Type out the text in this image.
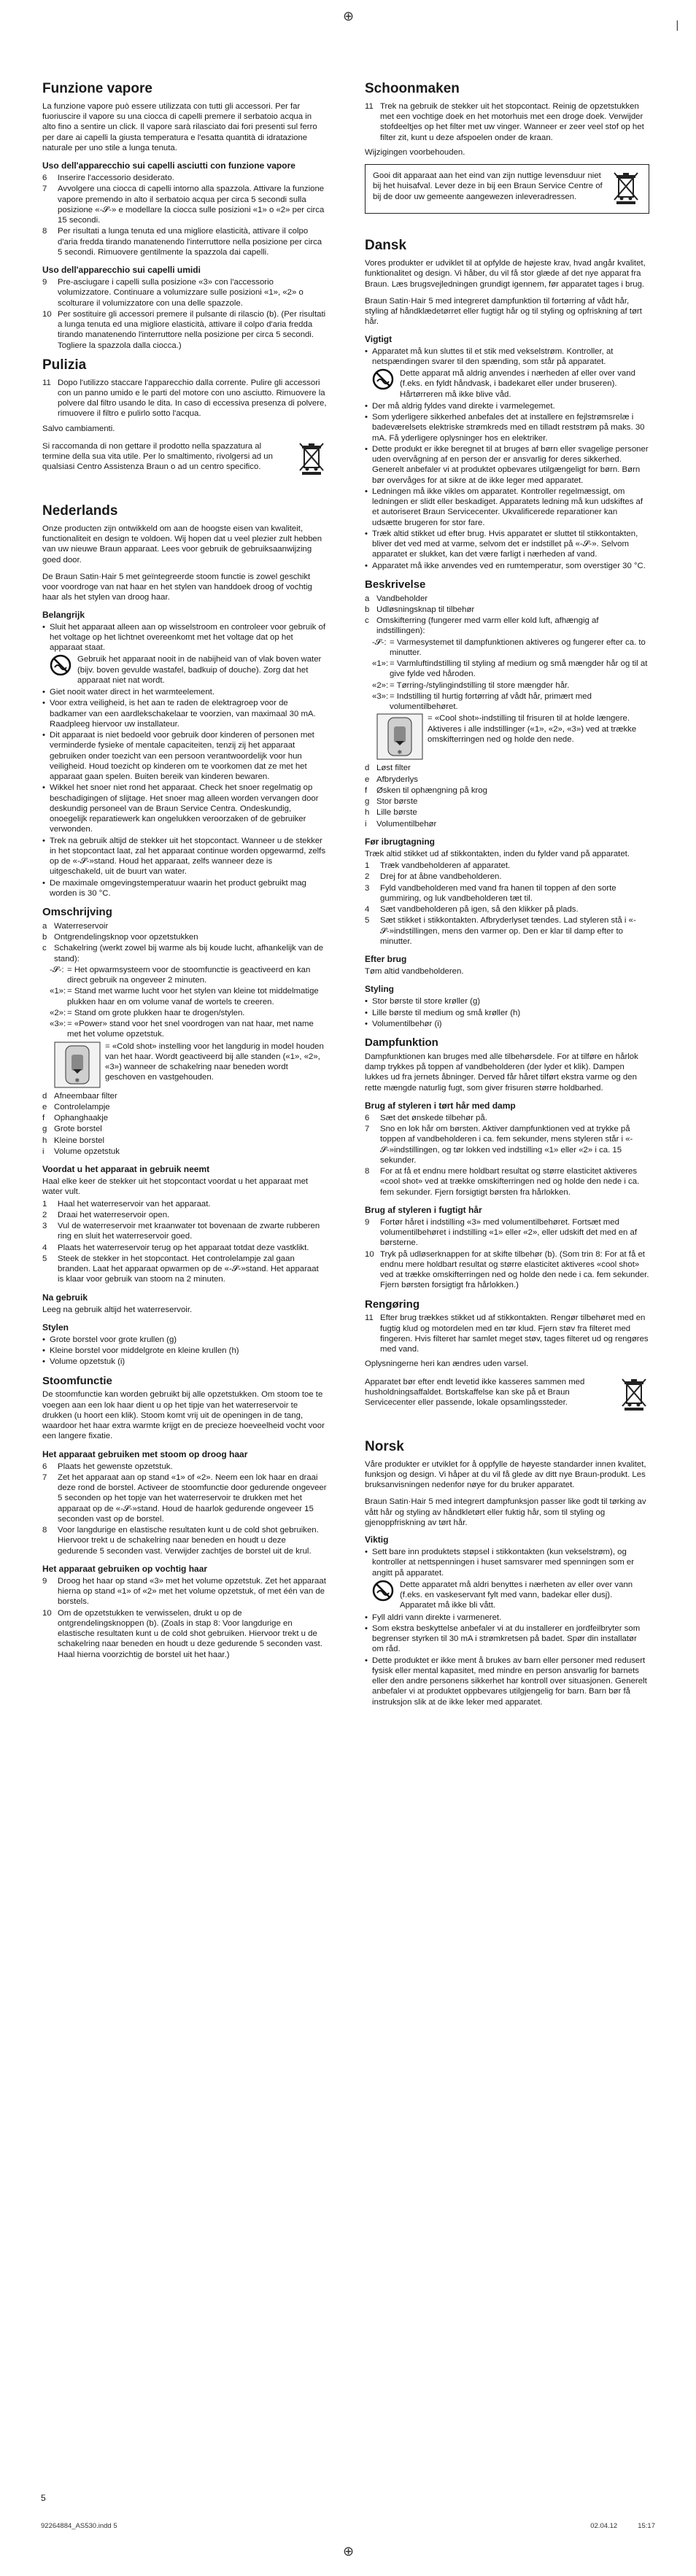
⊕
|
Funzione vapore

La funzione vapore può essere utilizzata con tutti gli accessori. Per far fuoriuscire il vapore su una ciocca di capelli premere il serbatoio acqua in alto fino a sentire un click. Il vapore sarà rilasciato dai fori presenti sul ferro per dare ai capelli la giusta temperatura e l'esatta quantità di idratazione naturale per uno stile a lunga tenuta.

Uso dell'apparecchio sui capelli asciutti con funzione vapore
6 Inserire l'accessorio desiderato.
7 Avvolgere una ciocca di capelli intorno alla spazzola. Attivare la funzione vapore premendo in alto il serbatoio acqua per circa 5 secondi sulla posizione «-𝓢-» e modellare la ciocca sulle posizioni «1» o «2» per circa 15 secondi.
8 Per risultati a lunga tenuta ed una migliore elasticità, attivare il colpo d'aria fredda tirando manatenendo l'interruttore nella posizione per circa 5 secondi. Rimuovere gentilmente la spazzola dai capelli.
Uso dell'apparecchio sui capelli umidi
9 Pre-asciugare i capelli sulla posizione «3» con l'accessorio volumizzatore. Continuare a volumizzare sulle posizioni «1», «2» o scolturare il volumizzatore con una delle spazzole.
10 Per sostituire gli accessori premere il pulsante di rilascio (b). (Per risultati a lunga tenuta ed una migliore elasticità, attivare il colpo d'aria fredda tirando manatenendo l'interruttore nella posizione per circa 5 secondi. Togliere la spazzola dalla ciocca.)
Pulizia
11 Dopo l'utilizzo staccare l'apparecchio dalla corrente. Pulire gli accessori con un panno umido e le parti del motore con uno asciutto. Rimuovere la polvere dal filtro usando le dita. In caso di eccessiva presenza di polvere, rimuovere il filtro e pulirlo sotto l'acqua.

Salvo cambiamenti.

Si raccomanda di non gettare il prodotto nella spazzatura al termine della sua vita utile. Per lo smaltimento, rivolgersi ad un qualsiasi Centro Assistenza Braun o ad un centro specifico.
Nederlands

Onze producten zijn ontwikkeld om aan de hoogste eisen van kwaliteit, functionaliteit en design te voldoen. Wij hopen dat u veel plezier zult hebben van uw nieuwe Braun apparaat. Lees voor gebruik de gebruiksaanwijzing goed door.

De Braun Satin·Hair 5 met geïntegreerde stoom functie is zowel geschikt voor voordroge van nat haar en het stylen van handdoek droog of vochtig haar als het stylen van droog haar.

Belangrijk
• Sluit het apparaat alleen aan op wisselstroom en controleer voor gebruik of het voltage op het lichtnet overeenkomt met het voltage dat op het apparaat staat.
Gebruik het apparaat nooit in de nabijheid van of vlak boven water (bijv. boven gevulde wastafel, badkuip of douche). Zorg dat het apparaat niet nat wordt.
• Giet nooit water direct in het warmteelement.
• Voor extra veiligheid, is het aan te raden de elektragroep voor de badkamer van een aardlekschakelaar te voorzien, van maximaal 30 mA. Raadpleeg hiervoor uw installateur.
• Dit apparaat is niet bedoeld voor gebruik door kinderen of personen met verminderde fysieke of mentale capaciteiten, tenzij zij het apparaat gebruiken onder toezicht van een persoon verantwoordelijk voor hun veiligheid. Houd toezicht op kinderen om te voorkomen dat ze met het apparaat gaan spelen. Buiten bereik van kinderen bewaren.
• Wikkel het snoer niet rond het apparaat. Check het snoer regelmatig op beschadigingen of slijtage. Het snoer mag alleen worden vervangen door deskundig personeel van de Braun Service Centra. Ondeskundig, onoegelijk reparatiewerk kan ongelukken veroorzaken of de gebruiker verwonden.
• Trek na gebruik altijd de stekker uit het stopcontact. Wanneer u de stekker in het stopcontact laat, zal het apparaat continue worden opgewarmd, zelfs op de «-𝓢-»stand. Houd het apparaat, zelfs wanneer deze is uitgeschakeld, uit de buurt van water.
• De maximale omgevingstemperatuur waarin het product gebruikt mag worden is 30 °C.
Omschrijving
a Waterreservoir
b Ontgrendelingsknop voor opzetstukken
c Schakelring (werkt zowel bij warme als bij koude lucht, afhankelijk van de stand):
-𝓢-: = Het opwarmsysteem voor de stoomfunctie is geactiveerd en kan direct gebruik na ongeveer 2 minuten.
«1»: = Stand met warme lucht voor het stylen van kleine tot middelmatige plukken haar en om volume vanaf de wortels te creeren.
«2»: = Stand om grote plukken haar te drogen/stylen.
«3»: = «Power» stand voor het snel voordrogen van nat haar, met name met het volume opzetstuk.
❄
= «Cold shot» instelling voor het langdurig in model houden van het haar. Wordt geactiveerd bij alle standen («1», «2», «3») wanneer de schakelring naar beneden wordt geschoven en vastgehouden.
d Afneembaar filter
e Controlelampje
f Ophanghaakje
g Grote borstel
h Kleine borstel
i Volume opzetstuk
Voordat u het apparaat in gebruik neemt

Haal elke keer de stekker uit het stopcontact voordat u het apparaat met water vult.

1 Haal het waterreservoir van het apparaat.
2 Draai het waterreservoir open.
3 Vul de waterreservoir met kraanwater tot bovenaan de zwarte rubberen ring en sluit het waterreservoir goed.
4 Plaats het waterreservoir terug op het apparaat totdat deze vastklikt.
5 Steek de stekker in het stopcontact. Het controlelampje zal gaan branden. Laat het apparaat opwarmen op de «-𝓢-»stand. Het apparaat is klaar voor gebruik van stoom na 2 minuten.
Na gebruik

Leeg na gebruik altijd het waterreservoir.

Stylen
• Grote borstel voor grote krullen (g)
• Kleine borstel voor middelgrote en kleine krullen (h)
• Volume opzetstuk (i)
Stoomfunctie

De stoomfunctie kan worden gebruikt bij alle opzetstukken. Om stoom toe te voegen aan een lok haar dient u op het tipje van het waterreservoir te drukken (u hoort een klik). Stoom komt vrij uit de openingen in de tang, waardoor het haar extra warmte krijgt en de precieze hoeveelheid vocht voor een langere fixatie.

Het apparaat gebruiken met stoom op droog haar
6 Plaats het gewenste opzetstuk.
7 Zet het apparaat aan op stand «1» of «2». Neem een lok haar en draai deze rond de borstel. Activeer de stoomfunctie door gedurende ongeveer 5 seconden op het topje van het waterreservoir te drukken met het apparaat op de «-𝓢-»stand. Houd de haarlok gedurende ongeveer 15 seconden vast op de borstel.
8 Voor langdurige en elastische resultaten kunt u de cold shot gebruiken. Hiervoor trekt u de schakelring naar beneden en houdt u deze gedurende 5 seconden vast. Verwijder zachtjes de borstel uit de krul.
Het apparaat gebruiken op vochtig haar
9 Droog het haar op stand «3» met het volume opzetstuk. Zet het apparaat hierna op stand «1» of «2» met het volume opzetstuk, of met één van de borstels.
10 Om de opzetstukken te verwisselen, drukt u op de ontgrendelingsknoppen (b). (Zoals in stap 8: Voor langdurige en elastische resultaten kunt u de cold shot gebruiken. Hiervoor trekt u de schakelring naar beneden en houdt u deze gedurende 5 seconden vast. Haal hierna voorzichtig de borstel uit het haar.)
Schoonmaken
11 Trek na gebruik de stekker uit het stopcontact. Reinig de opzetstukken met een vochtige doek en het motorhuis met een droge doek. Verwijder stofdeeltjes op het filter met uw vinger. Wanneer er zeer veel stof op het filter zit, kunt u deze afspoelen onder de kraan.

Wijzigingen voorbehouden.

Gooi dit apparaat aan het eind van zijn nuttige levensduur niet bij het huisafval. Lever deze in bij een Braun Service Centre of bij de door uw gemeente aangewezen inleveradressen.
Dansk

Vores produkter er udviklet til at opfylde de højeste krav, hvad angår kvalitet, funktionalitet og design. Vi håber, du vil få stor glæde af det nye apparat fra Braun. Læs brugsvejledningen grundigt igennem, før apparatet tages i brug.

Braun Satin·Hair 5 med integreret dampfunktion til fortørring af vådt hår, styling af håndklædetørret eller fugtigt hår og til styling og opfriskning af tørt hår.

Vigtigt
• Apparatet må kun sluttes til et stik med vekselstrøm. Kontroller, at netspændingen svarer til den spænding, som står på apparatet.
Dette apparat må aldrig anvendes i nærheden af eller over vand (f.eks. en fyldt håndvask, i badekaret eller under bruseren). Hårtørreren må ikke blive våd.
• Der må aldrig fyldes vand direkte i varmelegemet.
• Som yderligere sikkerhed anbefales det at installere en fejlstrømsrelæ i badeværelsets elektriske strømkreds med en tilladt reststrøm på maks. 30 mA. Få yderligere oplysninger hos en elektriker.
• Dette produkt er ikke beregnet til at bruges af børn eller svagelige personer uden overvågning af en person der er ansvarlig for deres sikkerhed. Generelt anbefaler vi at produktet opbevares utilgængeligt for børn. Børn bør overvåges for at sikre at de ikke leger med apparatet.
• Ledningen må ikke vikles om apparatet. Kontroller regelmæssigt, om ledningen er slidt eller beskadiget. Apparatets ledning må kun udskiftes af et autoriseret Braun Servicecenter. Ukvalificerede reparationer kan udsætte brugeren for stor fare.
• Træk altid stikket ud efter brug. Hvis apparatet er sluttet til stikkontakten, bliver det ved med at varme, selvom det er indstillet på «-𝓢-». Selvom apparatet er slukket, kan det være farligt i nærheden af vand.
• Apparatet må ikke anvendes ved en rumtemperatur, som overstiger 30 °C.
Beskrivelse
a Vandbeholder
b Udløsningsknap til tilbehør
c Omskifterring (fungerer med varm eller kold luft, afhængig af indstillingen):
-𝓢-: = Varmesystemet til dampfunktionen aktiveres og fungerer efter ca. to minutter.
«1»: = Varmluftindstilling til styling af medium og små mængder hår og til at give fylde ved håroden.
«2»: = Tørring-/stylingindstilling til store mængder hår.
«3»: = Indstilling til hurtig fortørring af vådt hår, primært med volumentilbehøret.
❄
= «Cool shot»-indstilling til frisuren til at holde længere. Aktiveres i alle indstillinger («1», «2», «3») ved at trække omskifterringen ned og holde den nede.
d Løst filter
e Afbryderlys
f Øsken til ophængning på krog
g Stor børste
h Lille børste
i Volumentilbehør
Før ibrugtagning

Træk altid stikket ud af stikkontakten, inden du fylder vand på apparatet.

1 Træk vandbeholderen af apparatet.
2 Drej for at åbne vandbeholderen.
3 Fyld vandbeholderen med vand fra hanen til toppen af den sorte gummiring, og luk vandbeholderen tæt til.
4 Sæt vandbeholderen på igen, så den klikker på plads.
5 Sæt stikket i stikkontakten. Afbryderlyset tændes. Lad styleren stå i «-𝓢-»indstillingen, mens den varmer op. Den er klar til damp efter to minutter.
Efter brug

Tøm altid vandbeholderen.

Styling
• Stor børste til store krøller (g)
• Lille børste til medium og små krøller (h)
• Volumentilbehør (i)
Dampfunktion

Dampfunktionen kan bruges med alle tilbehørsdele. For at tilføre en hårlok damp trykkes på toppen af vandbeholderen (der lyder et klik). Dampen lukkes ud fra jernets åbninger. Derved får håret tilført ekstra varme og den rette mængde naturlig fugt, som giver frisuren større holdbarhed.

Brug af styleren i tørt hår med damp
6 Sæt det ønskede tilbehør på.
7 Sno en lok hår om børsten. Aktiver dampfunktionen ved at trykke på toppen af vandbeholderen i ca. fem sekunder, mens styleren står i «-𝓢-»indstillingen, og tør lokken ved indstilling «1» eller «2» i ca. 15 sekunder.
8 For at få et endnu mere holdbart resultat og større elasticitet aktiveres «cool shot» ved at trække omskifterringen ned og holde den nede i ca. fem sekunder. Fjern forsigtigt børsten fra hårlokken.
Brug af styleren i fugtigt hår
9 Fortør håret i indstilling «3» med volumentilbehøret. Fortsæt med volumentilbehøret i indstilling «1» eller «2», eller udskift det med en af børsterne.
10 Tryk på udløserknappen for at skifte tilbehør (b). (Som trin 8: For at få et endnu mere holdbart resultat og større elasticitet aktiveres «cool shot» ved at trække omskifterringen ned og holde den nede i ca. fem sekunder. Fjern børsten forsigtigt fra hårlokken.)
Rengøring
11 Efter brug trækkes stikket ud af stikkontakten. Rengør tilbehøret med en fugtig klud og motordelen med en tør klud. Fjern støv fra filteret med fingeren. Hvis filteret har samlet meget støv, tages filteret ud og rengøres med vand.

Oplysningerne heri kan ændres uden varsel.

Apparatet bør efter endt levetid ikke kasseres sammen med husholdningsaffaldet. Bortskaffelse kan ske på et Braun Servicecenter eller passende, lokale opsamlingssteder.
Norsk

Våre produkter er utviklet for å oppfylle de høyeste standarder innen kvalitet, funksjon og design. Vi håper at du vil få glede av ditt nye Braun-produkt. Les bruksanvisningen nedenfor nøye for du bruker apparatet.

Braun Satin·Hair 5 med integrert dampfunksjon passer like godt til tørking av vått hår og styling av håndkletørt eller fuktig hår, som til styling og gjenoppfriskning av tørt hår.

Viktig
• Sett bare inn produktets støpsel i stikkontakten (kun vekselstrøm), og kontroller at nettspenningen i huset samsvarer med spenningen som er angitt på apparatet.
Dette apparatet må aldri benyttes i nærheten av eller over vann (f.eks. en vaskeservant fylt med vann, badekar eller dusj). Apparatet må ikke bli vått.
• Fyll aldri vann direkte i varmeneret.
• Som ekstra beskyttelse anbefaler vi at du installerer en jordfeilbryter som begrenser styrken til 30 mA i strømkretsen på badet. Spør din installatør om råd.
• Dette produktet er ikke ment å brukes av barn eller personer med redusert fysisk eller mental kapasitet, med mindre en person ansvarlig for barnets eller den andre personens sikkerhet har kontroll over situasjonen. Generelt anbefaler vi at produktet oppbevares utilgjengelig for barn. Barn bør få instruksjon slik at de ikke leker med apparatet.
5
92264884_AS530.indd 5	02.04.12	15:17
⊕
